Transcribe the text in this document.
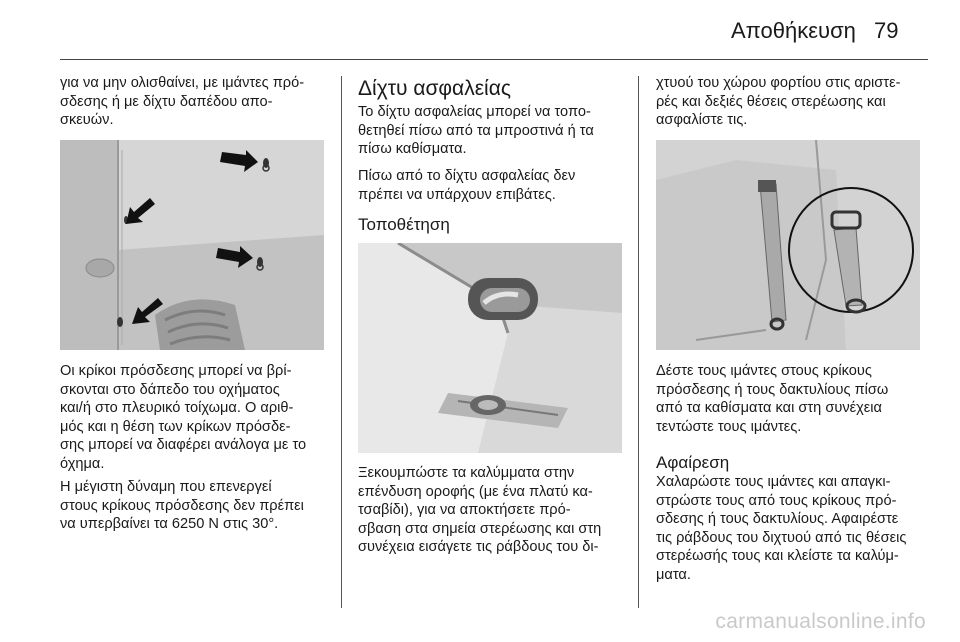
Αποθήκευση 79
για να μην ολισθαίνει, με ιμάντες πρό-
σδεσης ή με δίχτυ δαπέδου απο-
σκευών.
Οι κρίκοι πρόσδεσης μπορεί να βρί-
σκονται στο δάπεδο του οχήματος
και/ή στο πλευρικό τοίχωμα. Ο αριθ-
μός και η θέση των κρίκων πρόσδε-
σης μπορεί να διαφέρει ανάλογα με το
όχημα.
Η μέγιστη δύναμη που επενεργεί
στους κρίκους πρόσδεσης δεν πρέπει
να υπερβαίνει τα 6250 N στις 30°.

Δίχτυ ασφαλείας

Το δίχτυ ασφαλείας μπορεί να τοπο-
θετηθεί πίσω από τα μπροστινά ή τα
πίσω καθίσματα.
Πίσω από το δίχτυ ασφαλείας δεν
πρέπει να υπάρχουν επιβάτες.

Τοποθέτηση

Ξεκουμπώστε τα καλύμματα στην
επένδυση οροφής (με ένα πλατύ κα-
τσαβίδι), για να αποκτήσετε πρό-
σβαση στα σημεία στερέωσης και στη
συνέχεια εισάγετε τις ράβδους του δι-
χτυού του χώρου φορτίου στις αριστε-
ρές και δεξιές θέσεις στερέωσης και
ασφαλίστε τις.
Δέστε τους ιμάντες στους κρίκους
πρόσδεσης ή τους δακτυλίους πίσω
από τα καθίσματα και στη συνέχεια
τεντώστε τους ιμάντες.

Αφαίρεση

Χαλαρώστε τους ιμάντες και απαγκι-
στρώστε τους από τους κρίκους πρό-
σδεσης ή τους δακτυλίους. Αφαιρέστε
τις ράβδους του διχτυού από τις θέσεις
στερέωσής τους και κλείστε τα καλύμ-
ματα.
carmanualsonline.info
